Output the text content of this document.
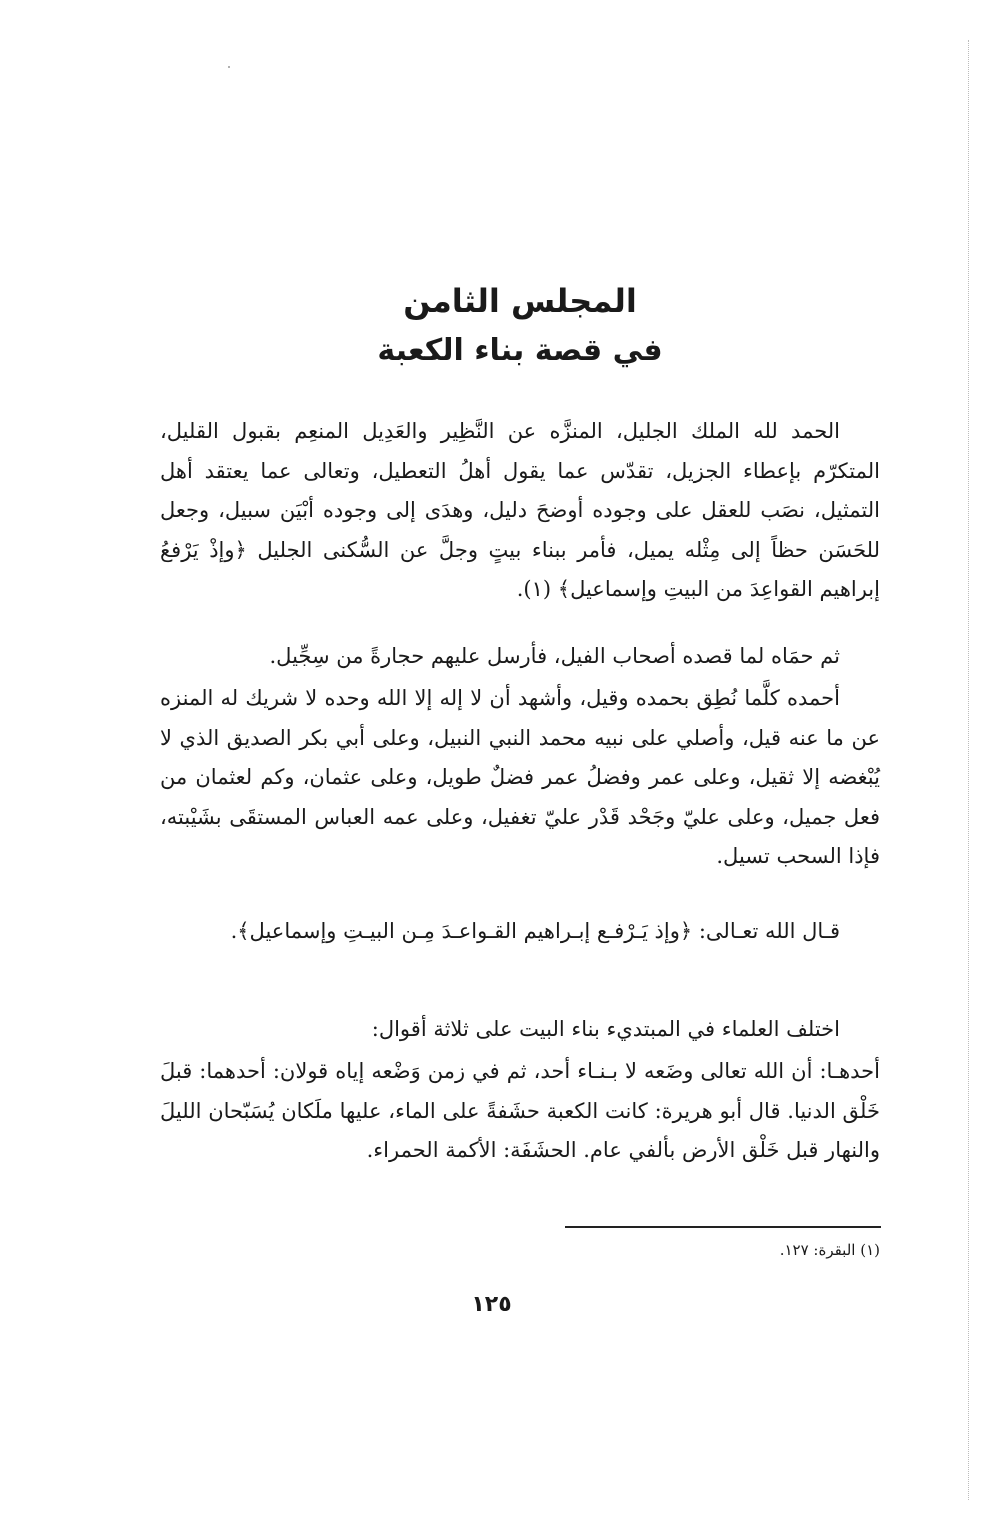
المجلس الثامن
في قصة بناء الكعبة

الحمد لله الملك الجليل، المنزَّه عن النَّظِير والعَدِيل المنعِم بقبول القليل، المتكرّم بإعطاء الجزيل، تقدّس عما يقول أهلُ التعطيل، وتعالى عما يعتقد أهل التمثيل، نصَب للعقل على وجوده أوضحَ دليل، وهدَى إلى وجوده أبْيَن سبيل، وجعل للحَسَن حظاً إلى مِثْله يميل، فأمر ببناء بيتٍ وجلَّ عن السُّكنى الجليل ﴿وإذْ يَرْفعُ إبراهيم القواعِدَ من البيتِ وإسماعيل﴾ (١).

ثم حمَاه لما قصده أصحاب الفيل، فأرسل عليهم حجارةً من سِجِّيل.

أحمده كلَّما نُطِق بحمده وقيل، وأشهد أن لا إله إلا الله وحده لا شريك له المنزه عن ما عنه قيل، وأصلي على نبيه محمد النبي النبيل، وعلى أبي بكر الصديق الذي لا يُبْغضه إلا ثقيل، وعلى عمر وفضلُ عمر فضلٌ طويل، وعلى عثمان، وكم لعثمان من فعل جميل، وعلى عليّ وجَحْد قَدْر عليّ تغفيل، وعلى عمه العباس المستقَى بشَيْبته، فإذا السحب تسيل.

قـال الله تعـالى: ﴿وإذ يَـرْفـع إبـراهيم القـواعـدَ مِـن البيـتِ وإسماعيل﴾.

اختلف العلماء في المبتديء بناء البيت على ثلاثة أقوال:

أحدهـا: أن الله تعالى وضَعه لا بـنـاء أحد، ثم في زمن وَضْعه إياه قولان: أحدهما: قبلَ خَلْق الدنيا. قال أبو هريرة: كانت الكعبة حشَفةً على الماء، عليها ملَكان يُسَبّحان الليلَ والنهار قبل خَلْق الأرض بألفي عام. الحشَفَة: الأكمة الحمراء.

(١) البقرة: ١٢٧.
١٢٥
